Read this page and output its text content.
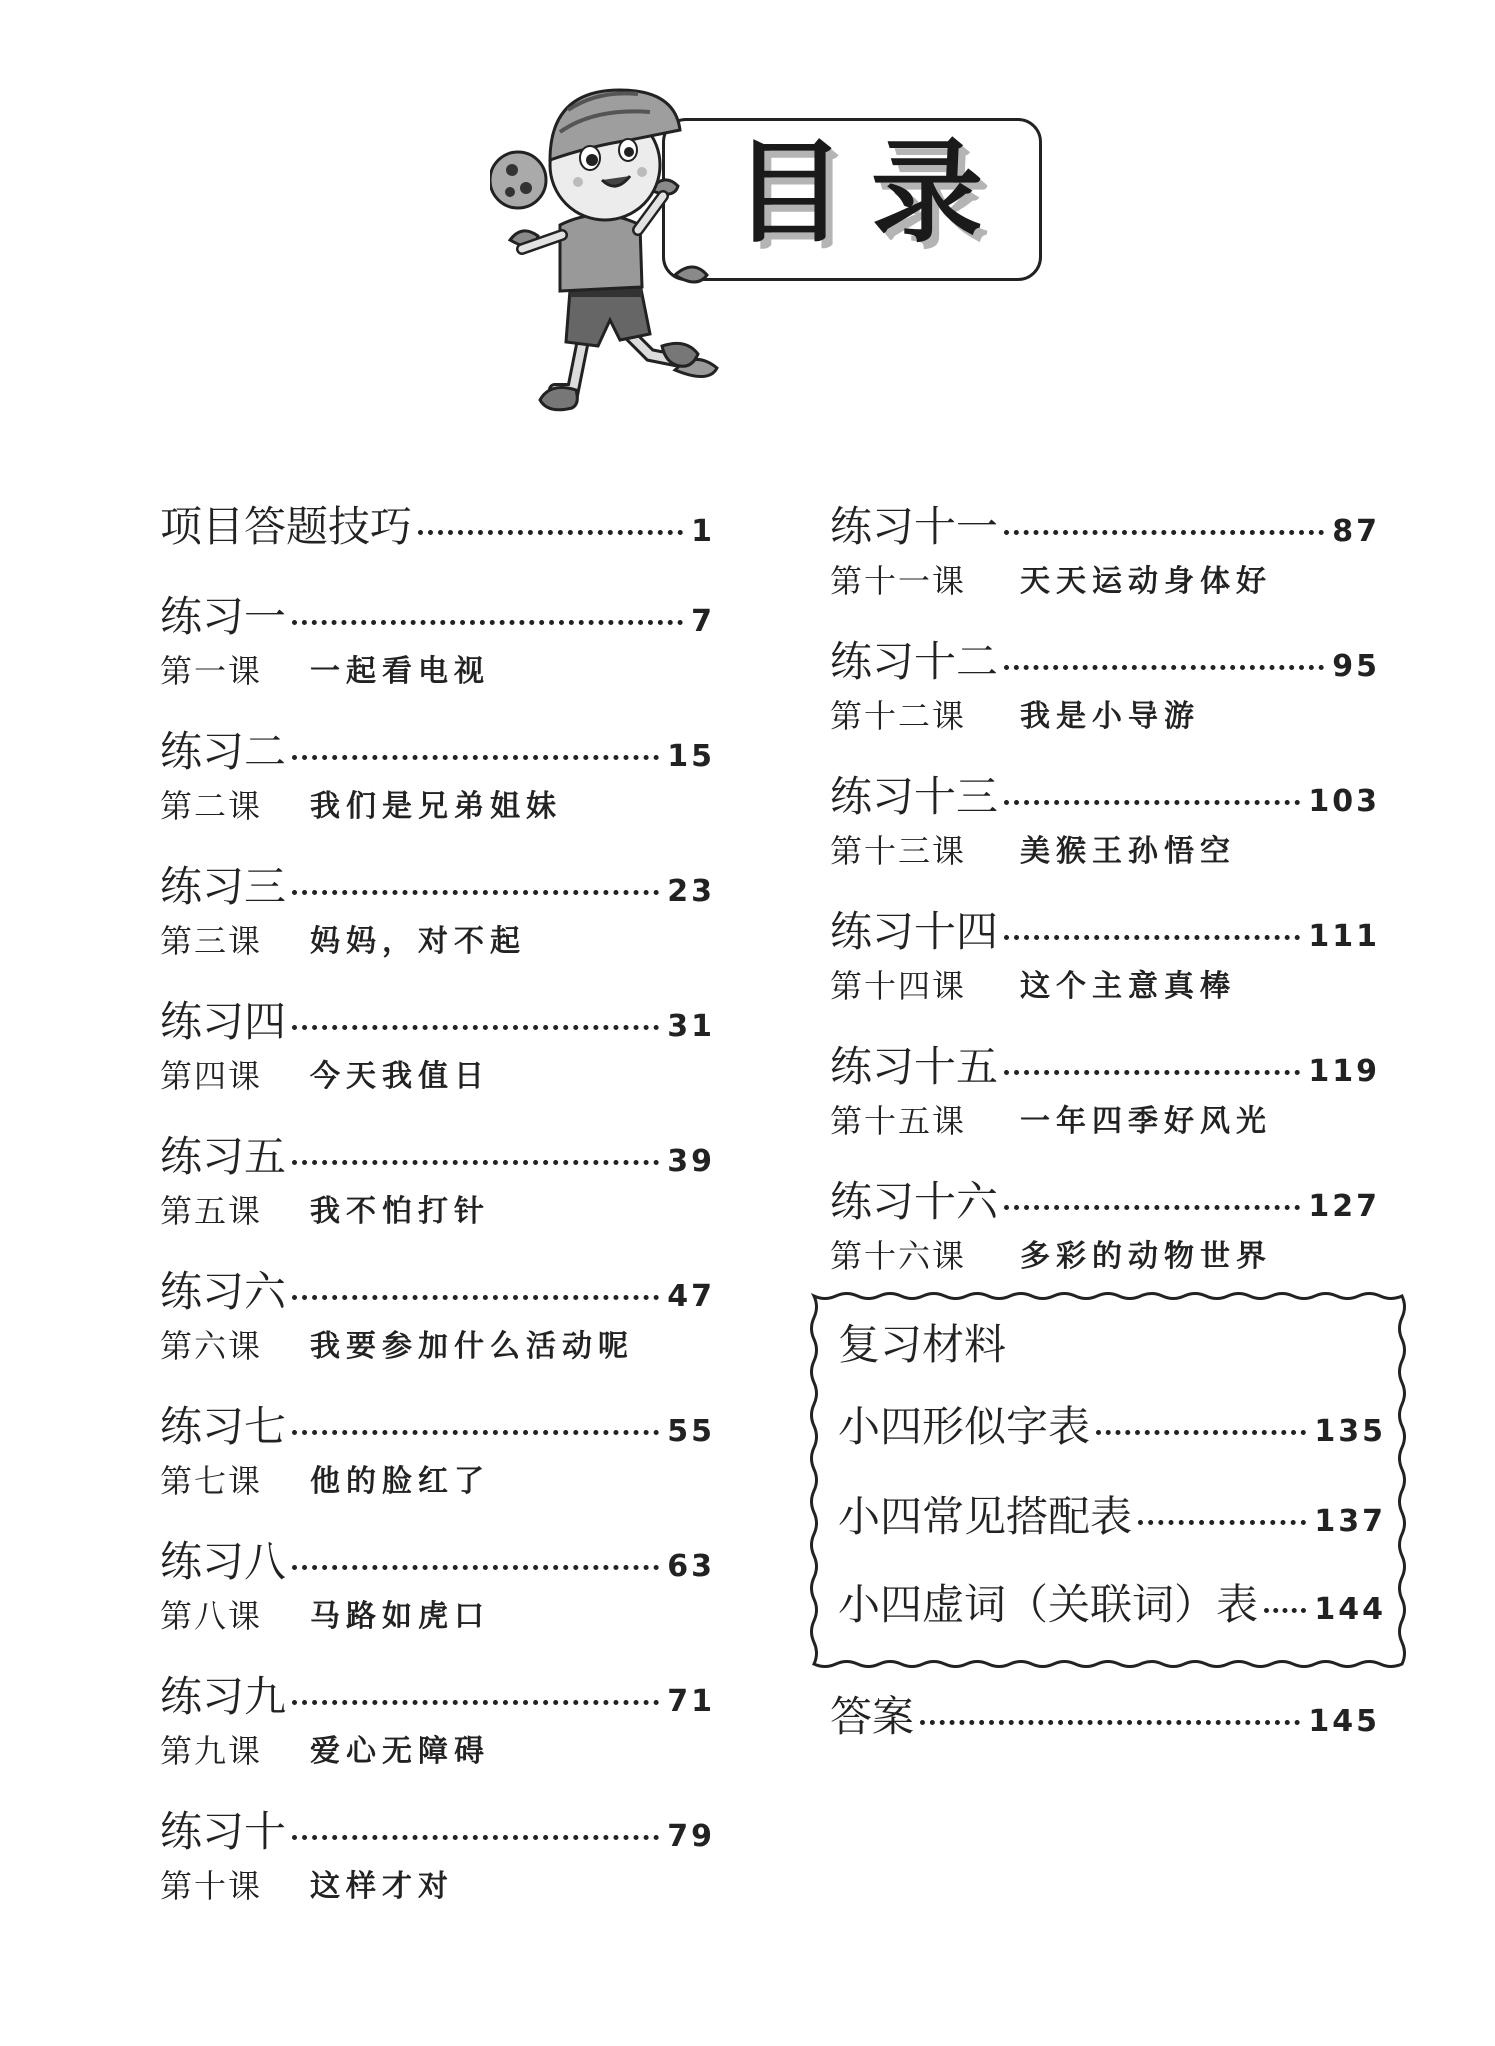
目录
项目答题技巧	1
练习一	7
第一课 一起看电视
练习二	15
第二课 我们是兄弟姐妹
练习三	23
第三课 妈妈，对不起
练习四	31
第四课 今天我值日
练习五	39
第五课 我不怕打针
练习六	47
第六课 我要参加什么活动呢
练习七	55
第七课 他的脸红了
练习八	63
第八课 马路如虎口
练习九	71
第九课 爱心无障碍
练习十	79
第十课 这样才对
练习十一	87
第十一课 天天运动身体好
练习十二	95
第十二课 我是小导游
练习十三	103
第十三课 美猴王孙悟空
练习十四	111
第十四课 这个主意真棒
练习十五	119
第十五课 一年四季好风光
练习十六	127
第十六课 多彩的动物世界
复习材料
小四形似字表	135
小四常见搭配表	137
小四虚词（关联词）表 144
答案	145
